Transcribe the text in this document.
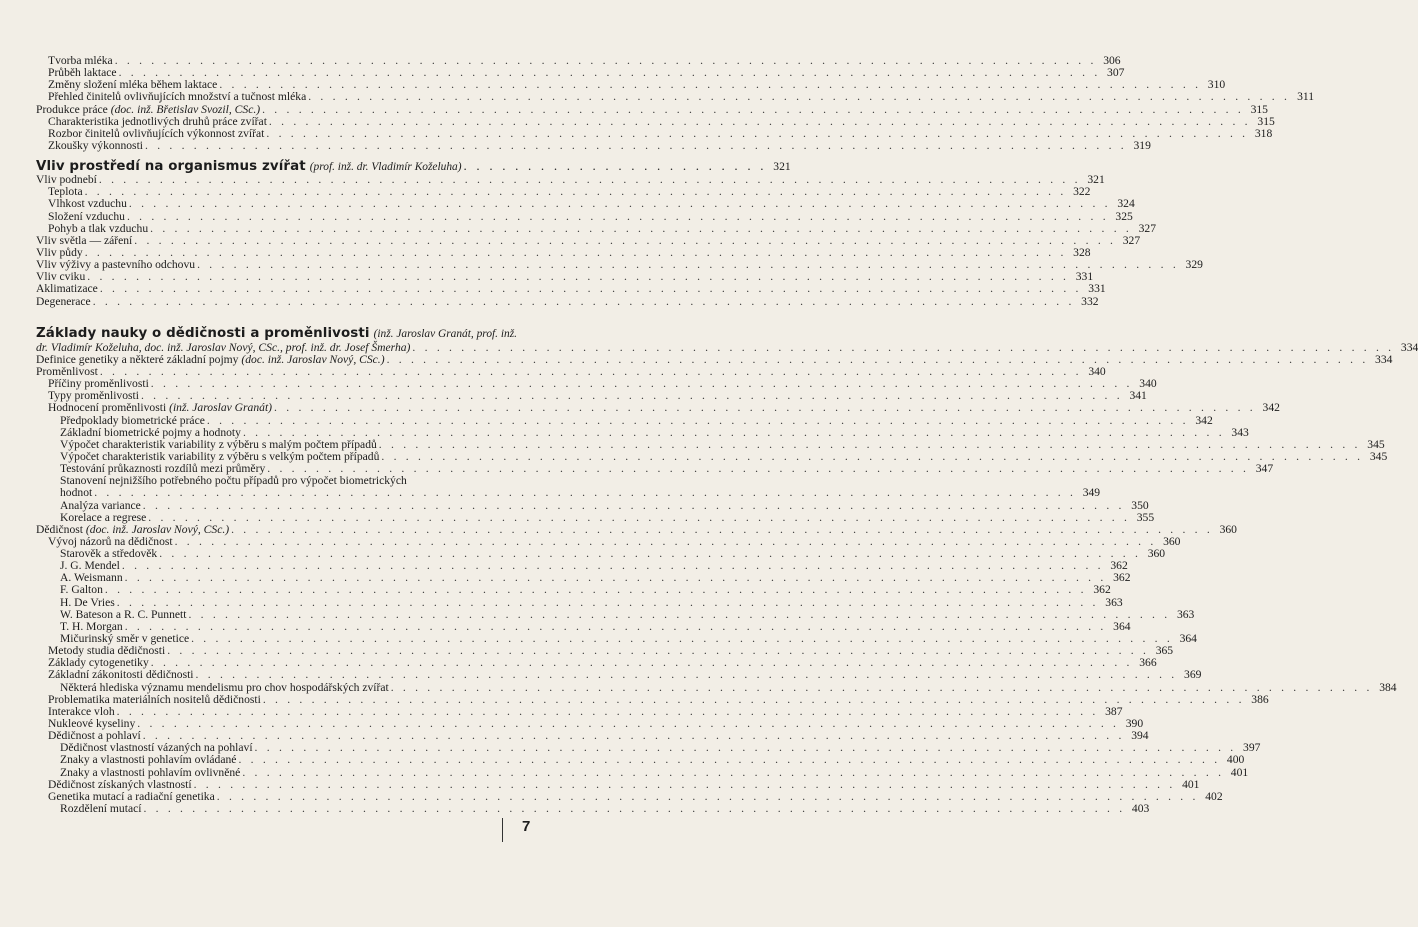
Tvorba mléka . . .	306
Průběh laktace . . .	307
Změny složení mléka během laktace . . .	310
Přehled činitelů ovlivňujících množství a tučnost mléka . . .	311
Produkce práce (doc. inž. Břetislav Svozil, CSc.) . . .	315
Charakteristika jednotlivých druhů práce zvířat . . .	315
Rozbor činitelů ovlivňujících výkonnost zvířat . . .	318
Zkoušky výkonnosti . . .	319
Vliv prostředí na organismus zvířat (prof. inž. dr. Vladimír Koželuha) . . .	321
Vliv podnebí . . .	321
Teplota . . .	322
Vlhkost vzduchu . . .	324
Složení vzduchu . . .	325
Pohyb a tlak vzduchu . . .	327
Vliv světla — záření . . .	327
Vliv půdy . . .	328
Vliv výživy a pastevního odchovu . . .	329
Vliv cviku . . .	331
Aklimatizace . . .	331
Degenerace . . .	332
Základy nauky o dědičnosti a proměnlivosti (inž. Jaroslav Granát, prof. inž.
dr. Vladimír Koželuha, doc. inž. Jaroslav Nový, CSc., prof. inž. dr. Josef Šmerha) . . .	334
Definice genetiky a některé základní pojmy (doc. inž. Jaroslav Nový, CSc.) . . .	334
Proměnlivost . . .	340
Příčiny proměnlivosti . . .	340
Typy proměnlivosti . . .	341
Hodnocení proměnlivosti (inž. Jaroslav Granát) . . .	342
Předpoklady biometrické práce . . .	342
Základní biometrické pojmy a hodnoty . . .	343
Výpočet charakteristik variability z výběru s malým počtem případů . . .	345
Výpočet charakteristik variability z výběru s velkým počtem případů . . .	345
Testování průkaznosti rozdílů mezi průměry . . .	347
Stanovení nejnižšího potřebného počtu případů pro výpočet biometrických
hodnot . . .	349
Analýza variance . . .	350
Korelace a regrese . . .	355
Dědičnost (doc. inž. Jaroslav Nový, CSc.) . . .	360
Vývoj názorů na dědičnost . . .	360
Starověk a středověk . . .	360
J. G. Mendel . . .	362
A. Weismann . . .	362
F. Galton . . .	362
H. De Vries . . .	363
W. Bateson a R. C. Punnett . . .	363
T. H. Morgan . . .	364
Mičurinský směr v genetice . . .	364
Metody studia dědičnosti . . .	365
Základy cytogenetiky . . .	366
Základní zákonitosti dědičnosti . . .	369
Některá hlediska významu mendelismu pro chov hospodářských zvířat . . .	384
Problematika materiálních nositelů dědičnosti . . .	386
Interakce vloh . . .	387
Nukleové kyseliny . . .	390
Dědičnost a pohlaví . . .	394
Dědičnost vlastností vázaných na pohlaví . . .	397
Znaky a vlastnosti pohlavím ovládané . . .	400
Znaky a vlastnosti pohlavím ovlivněné . . .	401
Dědičnost získaných vlastností . . .	401
Genetika mutací a radiační genetika . . .	402
Rozdělení mutací . . .	403
7
